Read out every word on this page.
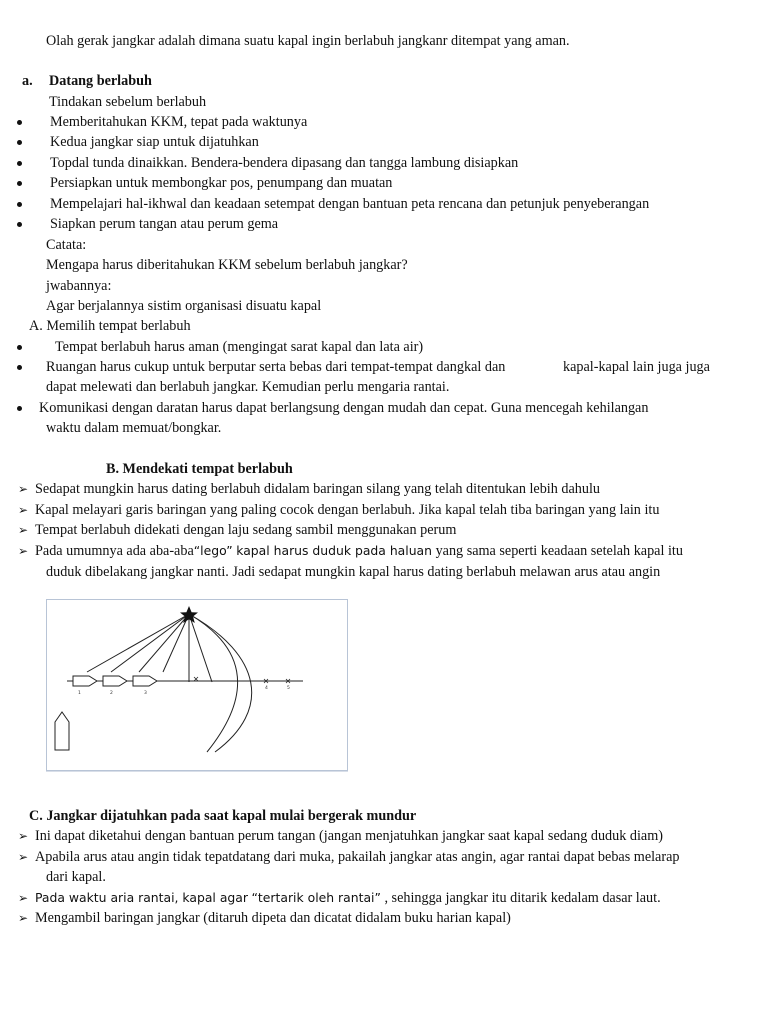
Olah gerak jangkar adalah dimana suatu kapal ingin berlabuh jangkanr ditempat yang aman.
a. Datang berlabuh
Tindakan sebelum berlabuh
Memberitahukan KKM, tepat pada waktunya
Kedua jangkar siap untuk dijatuhkan
Topdal tunda dinaikkan. Bendera-bendera dipasang dan tangga lambung disiapkan
Persiapkan untuk membongkar pos, penumpang dan muatan
Mempelajari hal-ikhwal dan keadaan setempat dengan bantuan peta rencana dan petunjuk penyeberangan
Siapkan perum tangan atau perum gema
Catata:
Mengapa harus diberitahukan KKM sebelum berlabuh jangkar?
jwabannya:
Agar berjalannya sistim organisasi disuatu kapal
A. Memilih tempat berlabuh
Tempat berlabuh harus aman (mengingat sarat kapal dan lata air)
Ruangan harus cukup untuk berputar serta bebas dari tempat-tempat dangkal dan	kapal-kapal lain juga juga
dapat melewati dan berlabuh jangkar. Kemudian perlu mengaria rantai.
Komunikasi dengan daratan harus dapat berlangsung dengan mudah dan cepat. Guna mencegah kehilangan
waktu dalam memuat/bongkar.
B. Mendekati tempat berlabuh
➢ Sedapat mungkin harus dating berlabuh didalam baringan silang yang telah ditentukan lebih dahulu
➢ Kapal melayari garis baringan yang paling cocok dengan berlabuh. Jika kapal telah tiba baringan yang lain itu
➢ Tempat berlabuh didekati dengan laju sedang sambil menggunakan perum
➢ Pada umumnya ada aba-aba“lego” kapal harus duduk pada haluan yang sama seperti keadaan setelah kapal itu
duduk dibelakang jangkar nanti. Jadi sedapat mungkin kapal harus dating berlabuh melawan arus atau angin
1	2	3
4	5
C. Jangkar dijatuhkan pada saat kapal mulai bergerak mundur
➢ Ini dapat diketahui dengan bantuan perum tangan (jangan menjatuhkan jangkar saat kapal sedang duduk diam)
➢ Apabila arus atau angin tidak tepatdatang dari muka, pakailah jangkar atas angin, agar rantai dapat bebas melarap
dari kapal.
➢ Pada waktu aria rantai, kapal agar “tertarik oleh rantai” , sehingga jangkar itu ditarik kedalam dasar laut.
➢ Mengambil baringan jangkar (ditaruh dipeta dan dicatat didalam buku harian kapal)
